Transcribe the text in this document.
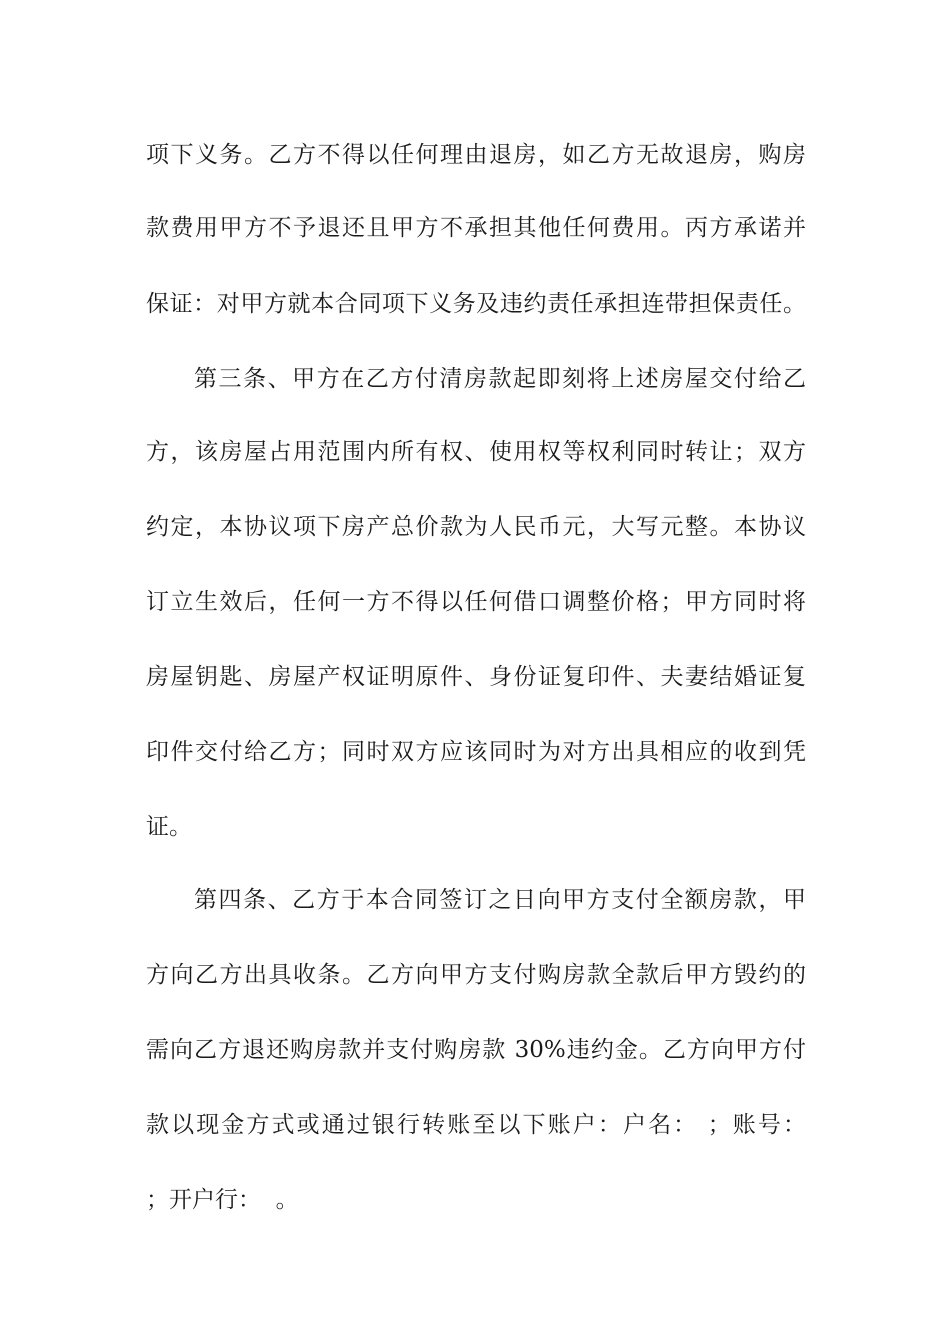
项下义务。乙方不得以任何理由退房，如乙方无故退房，购房
款费用甲方不予退还且甲方不承担其他任何费用。丙方承诺并
保证：对甲方就本合同项下义务及违约责任承担连带担保责任。
第三条、甲方在乙方付清房款起即刻将上述房屋交付给乙
方，该房屋占用范围内所有权、使用权等权利同时转让；双方
约定，本协议项下房产总价款为人民币元，大写元整。本协议
订立生效后，任何一方不得以任何借口调整价格；甲方同时将
房屋钥匙、房屋产权证明原件、身份证复印件、夫妻结婚证复
印件交付给乙方；同时双方应该同时为对方出具相应的收到凭
证。
第四条、乙方于本合同签订之日向甲方支付全额房款，甲
方向乙方出具收条。乙方向甲方支付购房款全款后甲方毁约的
需向乙方退还购房款并支付购房款 30%违约金。乙方向甲方付
款以现金方式或通过银行转账至以下账户：户名： ；账号：
；开户行：  。
